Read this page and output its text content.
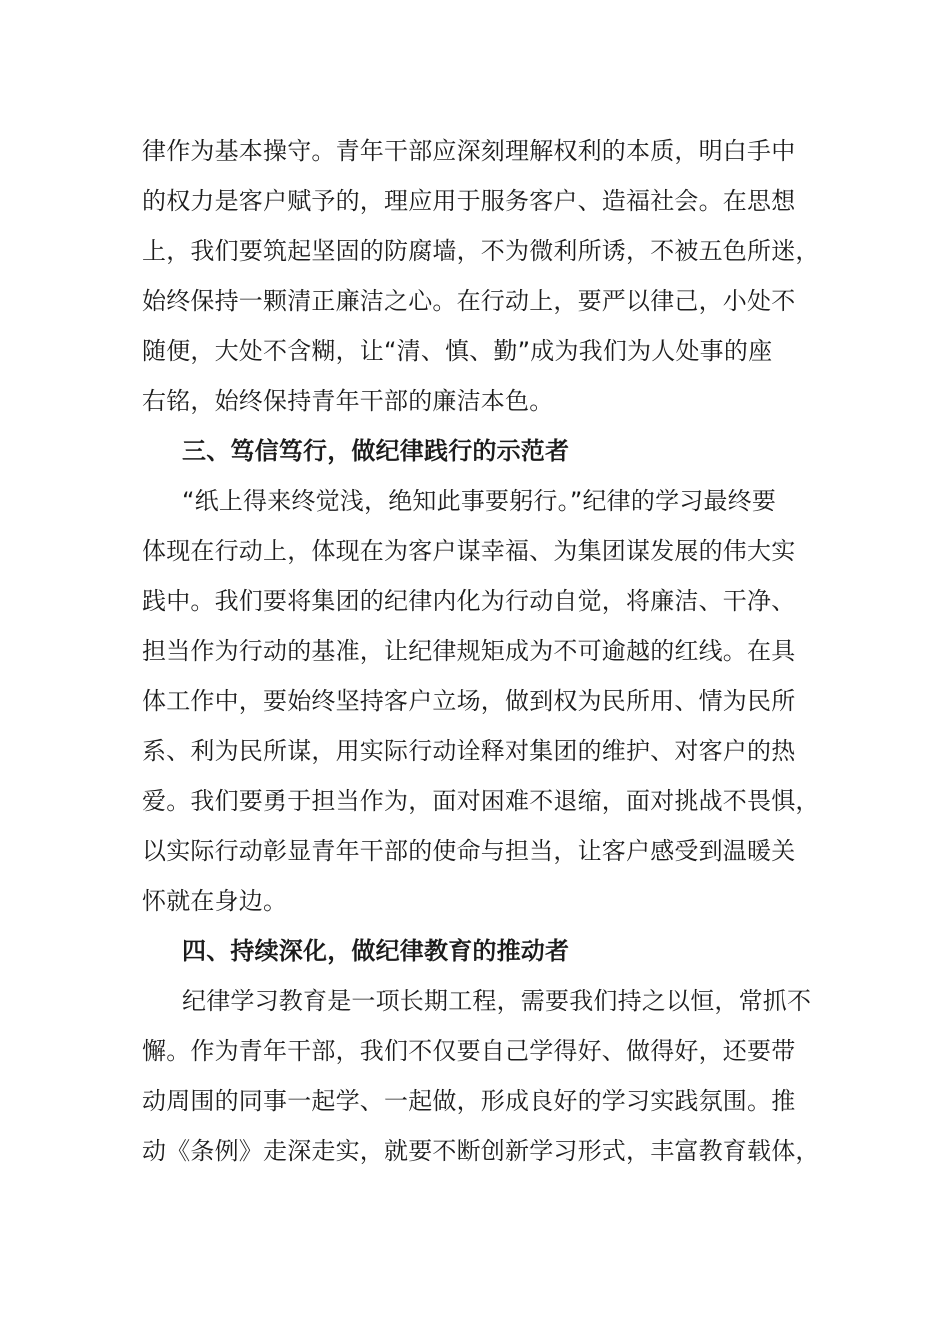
律作为基本操守。青年干部应深刻理解权利的本质，明白手中
的权力是客户赋予的，理应用于服务客户、造福社会。在思想
上，我们要筑起坚固的防腐墙，不为微利所诱，不被五色所迷，
始终保持一颗清正廉洁之心。在行动上，要严以律己，小处不
随便，大处不含糊，让“清、慎、勤”成为我们为人处事的座
右铭，始终保持青年干部的廉洁本色。
三、笃信笃行，做纪律践行的示范者
“纸上得来终觉浅，绝知此事要躬行。”纪律的学习最终要
体现在行动上，体现在为客户谋幸福、为集团谋发展的伟大实
践中。我们要将集团的纪律内化为行动自觉，将廉洁、干净、
担当作为行动的基准，让纪律规矩成为不可逾越的红线。在具
体工作中，要始终坚持客户立场，做到权为民所用、情为民所
系、利为民所谋，用实际行动诠释对集团的维护、对客户的热
爱。我们要勇于担当作为，面对困难不退缩，面对挑战不畏惧，
以实际行动彰显青年干部的使命与担当，让客户感受到温暖关
怀就在身边。
四、持续深化，做纪律教育的推动者
纪律学习教育是一项长期工程，需要我们持之以恒，常抓不
懈。作为青年干部，我们不仅要自己学得好、做得好，还要带
动周围的同事一起学、一起做，形成良好的学习实践氛围。推
动《条例》走深走实，就要不断创新学习形式，丰富教育载体，
